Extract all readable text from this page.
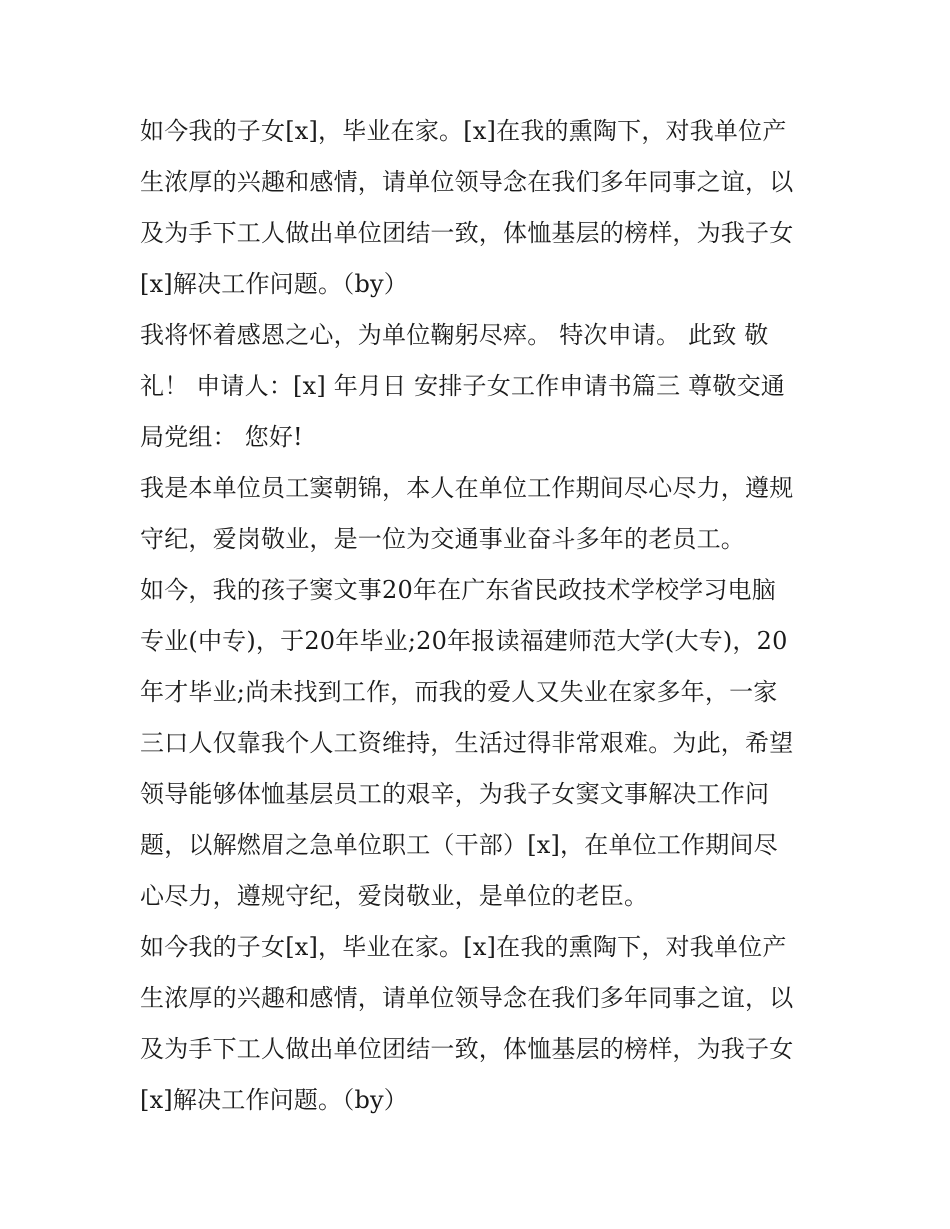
如今我的子女[x]，毕业在家。[x]在我的熏陶下，对我单位产
生浓厚的兴趣和感情，请单位领导念在我们多年同事之谊，以
及为手下工人做出单位团结一致，体恤基层的榜样，为我子女
[x]解决工作问题。（by）
我将怀着感恩之心，为单位鞠躬尽瘁。 特次申请。 此致 敬
礼！ 申请人：[x] 年月日 安排子女工作申请书篇三 尊敬交通
局党组： 您好!
我是本单位员工窦朝锦，本人在单位工作期间尽心尽力，遵规
守纪，爱岗敬业，是一位为交通事业奋斗多年的老员工。
如今，我的孩子窦文事20年在广东省民政技术学校学习电脑
专业(中专)，于20年毕业;20年报读福建师范大学(大专)，20
年才毕业;尚未找到工作，而我的爱人又失业在家多年，一家
三口人仅靠我个人工资维持，生活过得非常艰难。为此，希望
领导能够体恤基层员工的艰辛，为我子女窦文事解决工作问
题，以解燃眉之急单位职工（干部）[x]，在单位工作期间尽
心尽力，遵规守纪，爱岗敬业，是单位的老臣。
如今我的子女[x]，毕业在家。[x]在我的熏陶下，对我单位产
生浓厚的兴趣和感情，请单位领导念在我们多年同事之谊，以
及为手下工人做出单位团结一致，体恤基层的榜样，为我子女
[x]解决工作问题。（by）
